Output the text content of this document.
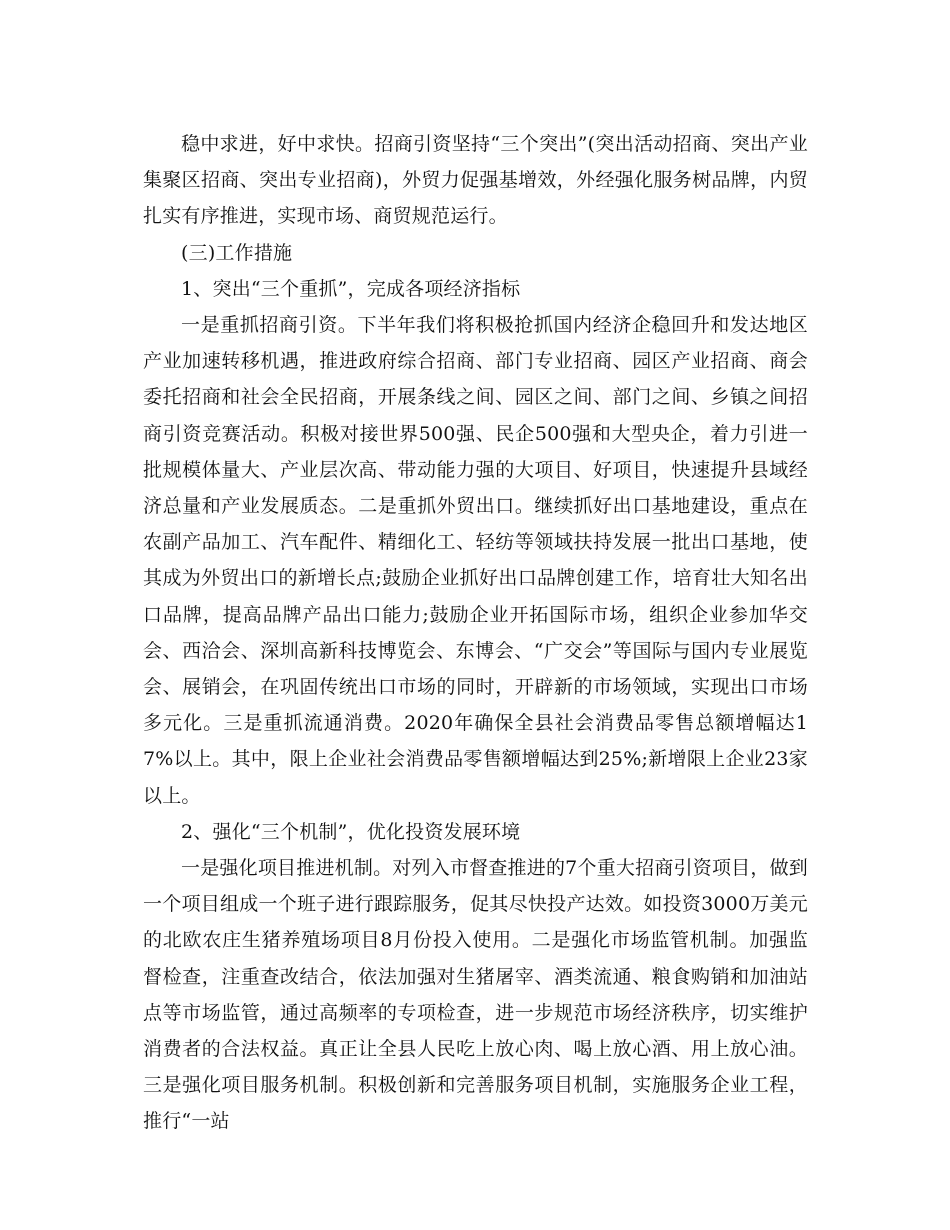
稳中求进，好中求快。招商引资坚持“三个突出”(突出活动招商、突出产业集聚区招商、突出专业招商)，外贸力促强基增效，外经强化服务树品牌，内贸扎实有序推进，实现市场、商贸规范运行。

(三)工作措施

1、突出“三个重抓”，完成各项经济指标

一是重抓招商引资。下半年我们将积极抢抓国内经济企稳回升和发达地区产业加速转移机遇，推进政府综合招商、部门专业招商、园区产业招商、商会委托招商和社会全民招商，开展条线之间、园区之间、部门之间、乡镇之间招商引资竞赛活动。积极对接世界500强、民企500强和大型央企，着力引进一批规模体量大、产业层次高、带动能力强的大项目、好项目，快速提升县域经济总量和产业发展质态。二是重抓外贸出口。继续抓好出口基地建设，重点在农副产品加工、汽车配件、精细化工、轻纺等领域扶持发展一批出口基地，使其成为外贸出口的新增长点;鼓励企业抓好出口品牌创建工作，培育壮大知名出口品牌，提高品牌产品出口能力;鼓励企业开拓国际市场，组织企业参加华交会、西洽会、深圳高新科技博览会、东博会、“广交会”等国际与国内专业展览会、展销会，在巩固传统出口市场的同时，开辟新的市场领域，实现出口市场多元化。三是重抓流通消费。2020年确保全县社会消费品零售总额增幅达17%以上。其中，限上企业社会消费品零售额增幅达到25%;新增限上企业23家以上。

2、强化“三个机制”，优化投资发展环境

一是强化项目推进机制。对列入市督查推进的7个重大招商引资项目，做到一个项目组成一个班子进行跟踪服务，促其尽快投产达效。如投资3000万美元的北欧农庄生猪养殖场项目8月份投入使用。二是强化市场监管机制。加强监督检查，注重查改结合，依法加强对生猪屠宰、酒类流通、粮食购销和加油站点等市场监管，通过高频率的专项检查，进一步规范市场经济秩序，切实维护消费者的合法权益。真正让全县人民吃上放心肉、喝上放心酒、用上放心油。三是强化项目服务机制。积极创新和完善服务项目机制，实施服务企业工程，推行“一站
